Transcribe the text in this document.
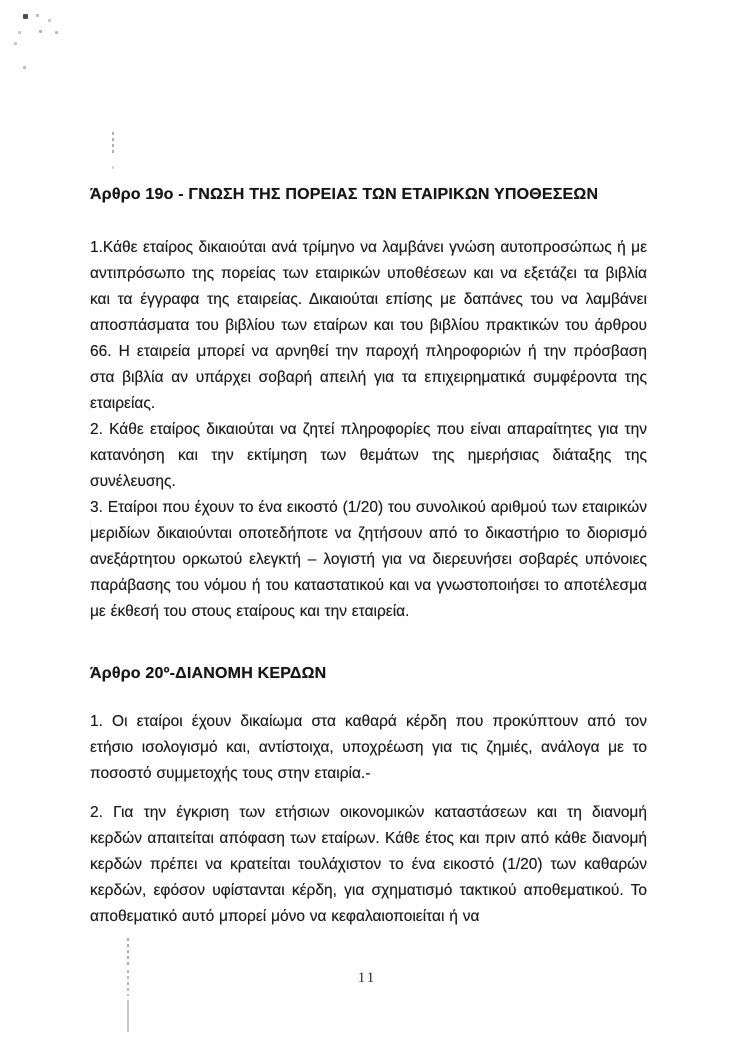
Άρθρο 19ο - ΓΝΩΣΗ ΤΗΣ ΠΟΡΕΙΑΣ ΤΩΝ ΕΤΑΙΡΙΚΩΝ ΥΠΟΘΕΣΕΩΝ

1.Κάθε εταίρος δικαιούται ανά τρίμηνο να λαμβάνει γνώση αυτοπροσώπως ή με αντιπρόσωπο της πορείας των εταιρικών υποθέσεων και να εξετάζει τα βιβλία και τα έγγραφα της εταιρείας. Δικαιούται επίσης με δαπάνες του να λαμβάνει αποσπάσματα του βιβλίου των εταίρων και του βιβλίου πρακτικών του άρθρου 66. Η εταιρεία μπορεί να αρνηθεί την παροχή πληροφοριών ή την πρόσβαση στα βιβλία αν υπάρχει σοβαρή απειλή για τα επιχειρηματικά συμφέροντα της εταιρείας.

2. Κάθε εταίρος δικαιούται να ζητεί πληροφορίες που είναι απαραίτητες για την κατανόηση και την εκτίμηση των θεμάτων της ημερήσιας διάταξης της συνέλευσης.

3. Εταίροι που έχουν το ένα εικοστό (1/20) του συνολικού αριθμού των εταιρικών μεριδίων δικαιούνται οποτεδήποτε να ζητήσουν από το δικαστήριο το διορισμό ανεξάρτητου ορκωτού ελεγκτή – λογιστή για να διερευνήσει σοβαρές υπόνοιες παράβασης του νόμου ή του καταστατικού και να γνωστοποιήσει το αποτέλεσμα με έκθεσή του στους εταίρους και την εταιρεία.

Άρθρο 20º-ΔΙΑΝΟΜΗ ΚΕΡΔΩΝ

1. Οι εταίροι έχουν δικαίωμα στα καθαρά κέρδη που προκύπτουν από τον ετήσιο ισολογισμό και, αντίστοιχα, υποχρέωση για τις ζημιές, ανάλογα με το ποσοστό συμμετοχής τους στην εταιρία.-

2. Για την έγκριση των ετήσιων οικονομικών καταστάσεων και τη διανομή κερδών απαιτείται απόφαση των εταίρων. Κάθε έτος και πριν από κάθε διανομή κερδών πρέπει να κρατείται τουλάχιστον το ένα εικοστό (1/20) των καθαρών κερδών, εφόσον υφίστανται κέρδη, για σχηματισμό τακτικού αποθεματικού. Το αποθεματικό αυτό μπορεί μόνο να κεφαλαιοποιείται ή να

11
